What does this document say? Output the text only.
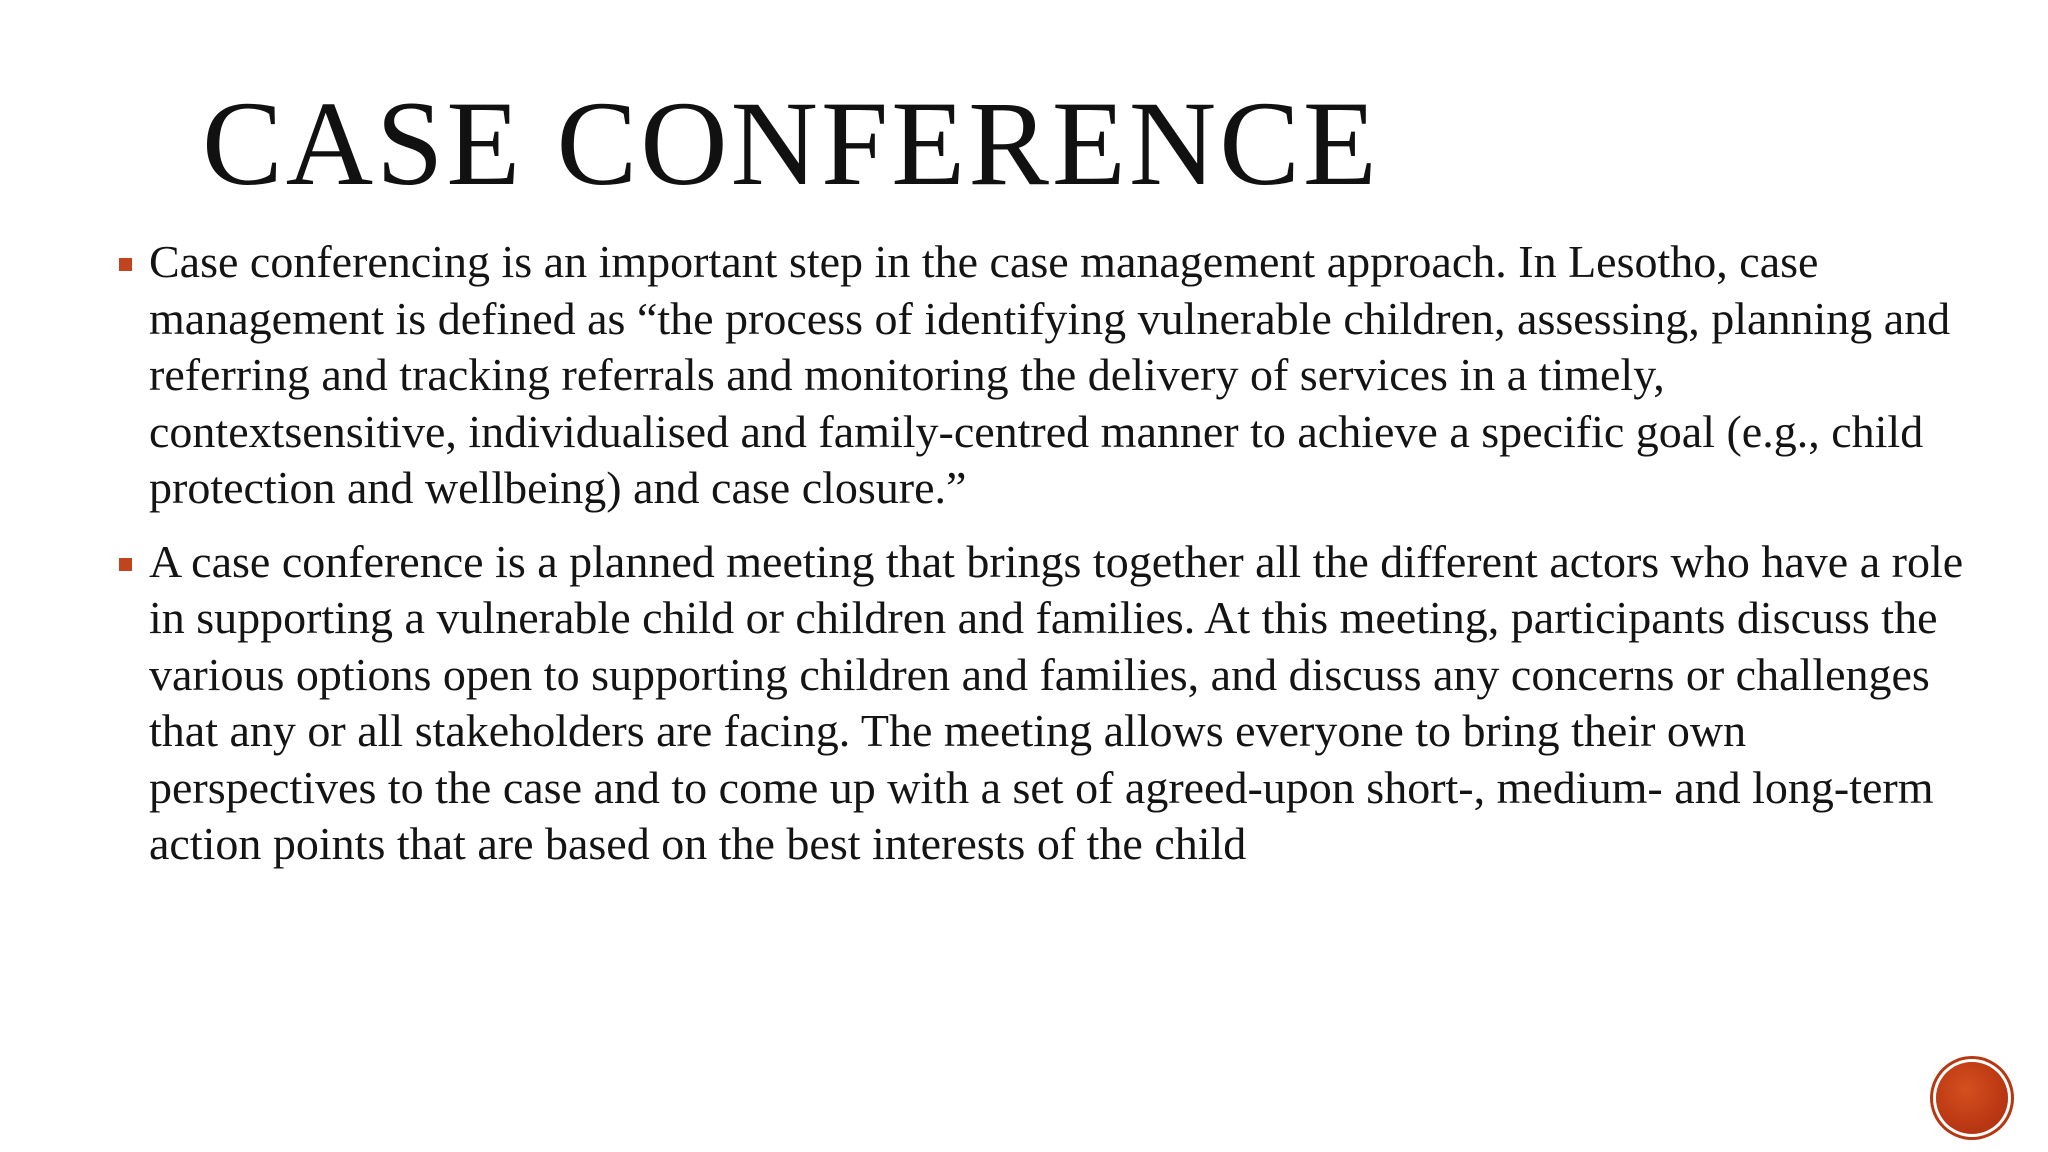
CASE CONFERENCE
Case conferencing is an important step in the case management approach. In Lesotho, case management is defined as “the process of identifying vulnerable children, assessing, planning and referring and tracking referrals and monitoring the delivery of services in a timely, contextsensitive, individualised and family-centred manner to achieve a specific goal (e.g., child protection and wellbeing) and case closure.”
A case conference is a planned meeting that brings together all the different actors who have a role in supporting a vulnerable child or children and families. At this meeting, participants discuss the various options open to supporting children and families, and discuss any concerns or challenges that any or all stakeholders are facing. The meeting allows everyone to bring their own perspectives to the case and to come up with a set of agreed-upon short-, medium- and long-term action points that are based on the best interests of the child
